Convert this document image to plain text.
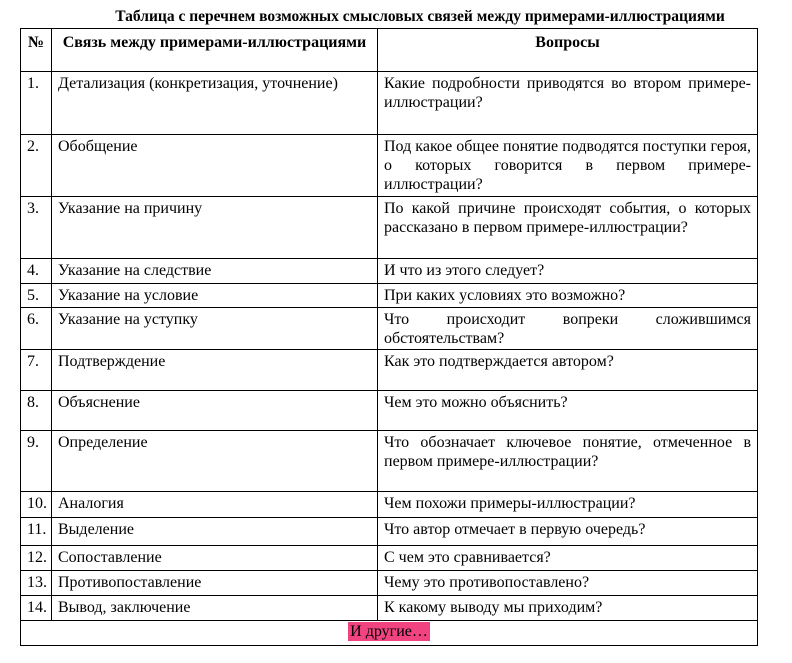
Таблица с перечнем возможных смысловых связей между примерами-иллюстрациями
№	Связь между примерами-иллюстрациями	Вопросы
1.	Детализация (конкретизация, уточнение)	Какие подробности приводятся во втором примере-иллюстрации?
2.	Обобщение	Под какое общее понятие подводятся поступки героя, о которых говорится в первом примере-иллюстрации?
3.	Указание на причину	По какой причине происходят события, о которых рассказано в первом примере-иллюстрации?
4.	Указание на следствие	И что из этого следует?
5.	Указание на условие	При каких условиях это возможно?
6.	Указание на уступку	Что происходит вопреки сложившимся обстоятельствам?
7.	Подтверждение	Как это подтверждается автором?
8.	Объяснение	Чем это можно объяснить?
9.	Определение	Что обозначает ключевое понятие, отмеченное в первом примере-иллюстрации?
10.	Аналогия	Чем похожи примеры-иллюстрации?
11.	Выделение	Что автор отмечает в первую очередь?
12.	Сопоставление	С чем это сравнивается?
13.	Противопоставление	Чему это противопоставлено?
14.	Вывод, заключение	К какому выводу мы приходим?
И другие…		
